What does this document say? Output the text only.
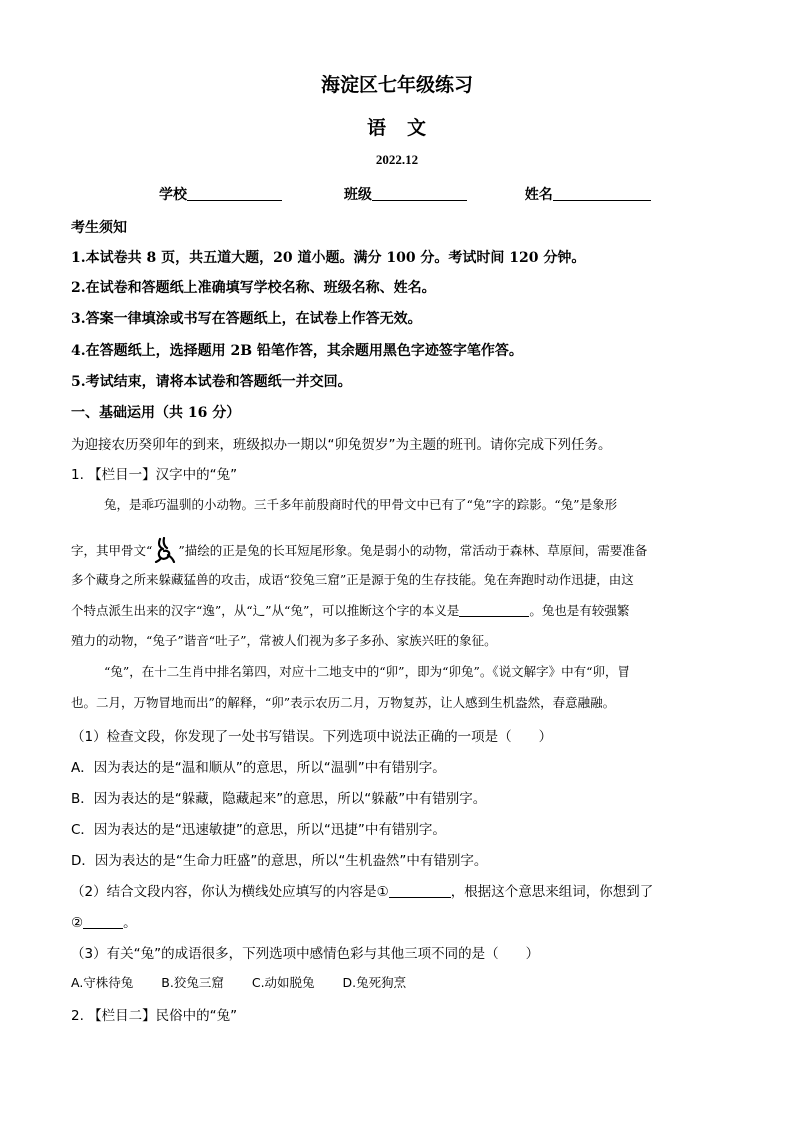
海淀区七年级练习
语　文
2022.12
学校	班级	姓名
考生须知
1.本试卷共 8 页，共五道大题，20 道小题。满分 100 分。考试时间 120 分钟。
2.在试卷和答题纸上准确填写学校名称、班级名称、姓名。
3.答案一律填涂或书写在答题纸上，在试卷上作答无效。
4.在答题纸上，选择题用 2B 铅笔作答，其余题用黑色字迹签字笔作答。
5.考试结束，请将本试卷和答题纸一并交回。
一、基础运用（共 16 分）
为迎接农历癸卯年的到来，班级拟办一期以“卯兔贺岁”为主题的班刊。请你完成下列任务。
1. 【栏目一】汉字中的“兔”
兔，是乖巧温驯的小动物。三千多年前殷商时代的甲骨文中已有了“兔”字的踪影。“兔”是象形
字，其甲骨文“ ”描绘的正是兔的长耳短尾形象。兔是弱小的动物，常活动于森林、草原间，需要准备
多个藏身之所来躲藏猛兽的攻击，成语“狡兔三窟”正是源于兔的生存技能。兔在奔跑时动作迅捷，由这
个特点派生出来的汉字“逸”，从“辶”从“兔”，可以推断这个字的本义是	。兔也是有较强繁
殖力的动物，“兔子”谐音“吐子”，常被人们视为多子多孙、家族兴旺的象征。
“兔”，在十二生肖中排名第四，对应十二地支中的“卯”，即为“卯兔”。《说文解字》中有“卯，冒
也。二月，万物冒地而出”的解释，“卯”表示农历二月，万物复苏，让人感到生机盎然，春意融融。
（1）检查文段，你发现了一处书写错误。下列选项中说法正确的一项是（　　）
A．因为表达的是“温和顺从”的意思，所以“温驯”中有错别字。
B．因为表达的是“躲藏，隐藏起来”的意思，所以“躲蔽”中有错别字。
C．因为表达的是“迅速敏捷”的意思，所以“迅捷”中有错别字。
D．因为表达的是“生命力旺盛”的意思，所以“生机盎然”中有错别字。
（2）结合文段内容，你认为横线处应填写的内容是①	，根据这个意思来组词，你想到了
②	。
（3）有关“兔”的成语很多，下列选项中感情色彩与其他三项不同的是（　　）
A.守株待兔 B.狡兔三窟 C.动如脱兔 D.兔死狗烹
2. 【栏目二】民俗中的“兔”
